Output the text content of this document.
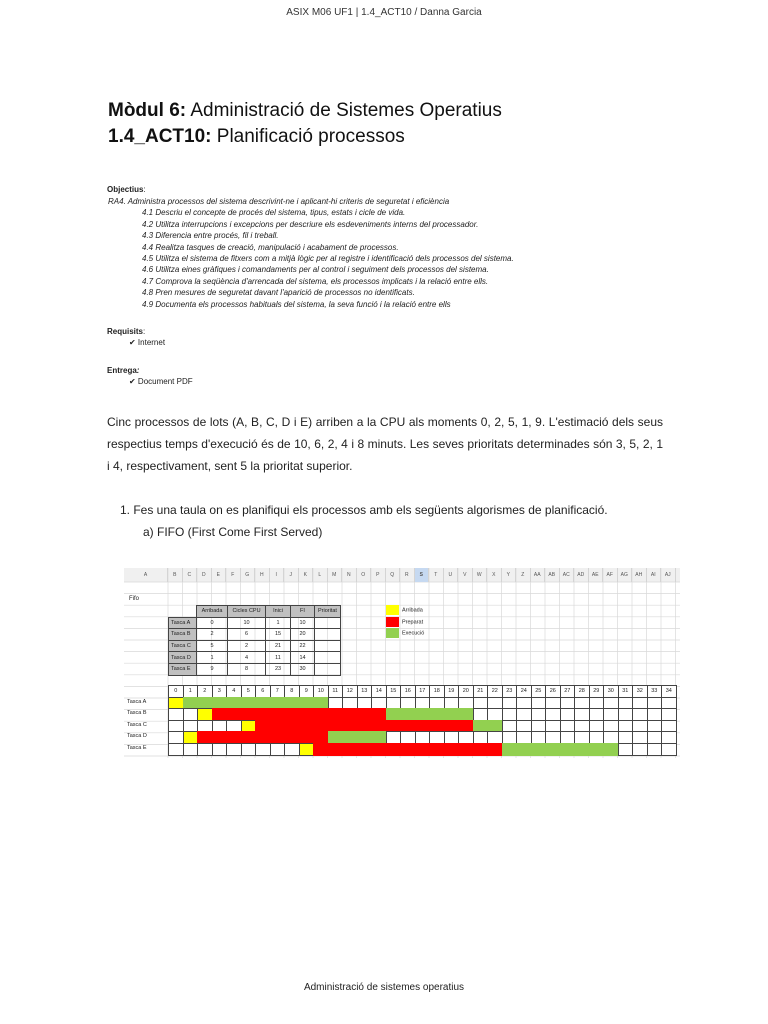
ASIX M06 UF1 | 1.4_ACT10 / Danna Garcia
Mòdul 6: Administració de Sistemes Operatius
1.4_ACT10: Planificació processos
Objectius:
RA4. Administra processos del sistema descrivint-ne i aplicant-hi criteris de seguretat i eficiència
4.1 Descriu el concepte de procés del sistema, tipus, estats i cicle de vida.
4.2 Utilitza interrupcions i excepcions per descriure els esdeveniments interns del processador.
4.3 Diferencia entre procés, fil i treball.
4.4 Realitza tasques de creació, manipulació i acabament de processos.
4.5 Utilitza el sistema de fitxers com a mitjà lògic per al registre i identificació dels processos del sistema.
4.6 Utilitza eines gràfiques i comandaments per al control i seguiment dels processos del sistema.
4.7 Comprova la seqüència d'arrencada del sistema, els processos implicats i la relació entre ells.
4.8 Pren mesures de seguretat davant l'aparició de processos no identificats.
4.9 Documenta els processos habituals del sistema, la seva funció i la relació entre ells
Requisits:
✔ Internet
Entrega:
✔ Document PDF
Cinc processos de lots (A, B, C, D i E) arriben a la CPU als moments 0, 2, 5, 1, 9. L'estimació dels seus respectius temps d'execució és de 10, 6, 2, 4 i 8 minuts. Les seves prioritats determinades són 3, 5, 2, 1 i 4, respectivament, sent 5 la prioritat superior.
1. Fes una taula on es planifiqui els processos amb els següents algorismes de planificació.
a) FIFO (First Come First Served)
A	B	C	D	E	F	G	H	I	J	K	L	M	N	O	P	Q	R	S	T	U	V	W	X	Y	Z	AA	AB	AC	AD	AE	AF	AG	AH	AI	AJ
Fifo
	Arribada	Cicles CPU	Inici	FI	Prioritat
Tasca A	0	10	1	10	
Tasca B	2	6	15	20	
Tasca C	5	2	21	22	
Tasca D	1	4	11	14	
Tasca E	9	8	23	30	
Arribada
Preparat
Execució
0	1	2	3	4	5	6	7	8	9	10	11	12	13	14	15	16	17	18	19	20	21	22	23	24	25	26	27	28	29	30	31	32	33	34
Tasca A
Tasca B
Tasca C
Tasca D
Tasca E
Administració de sistemes operatius
